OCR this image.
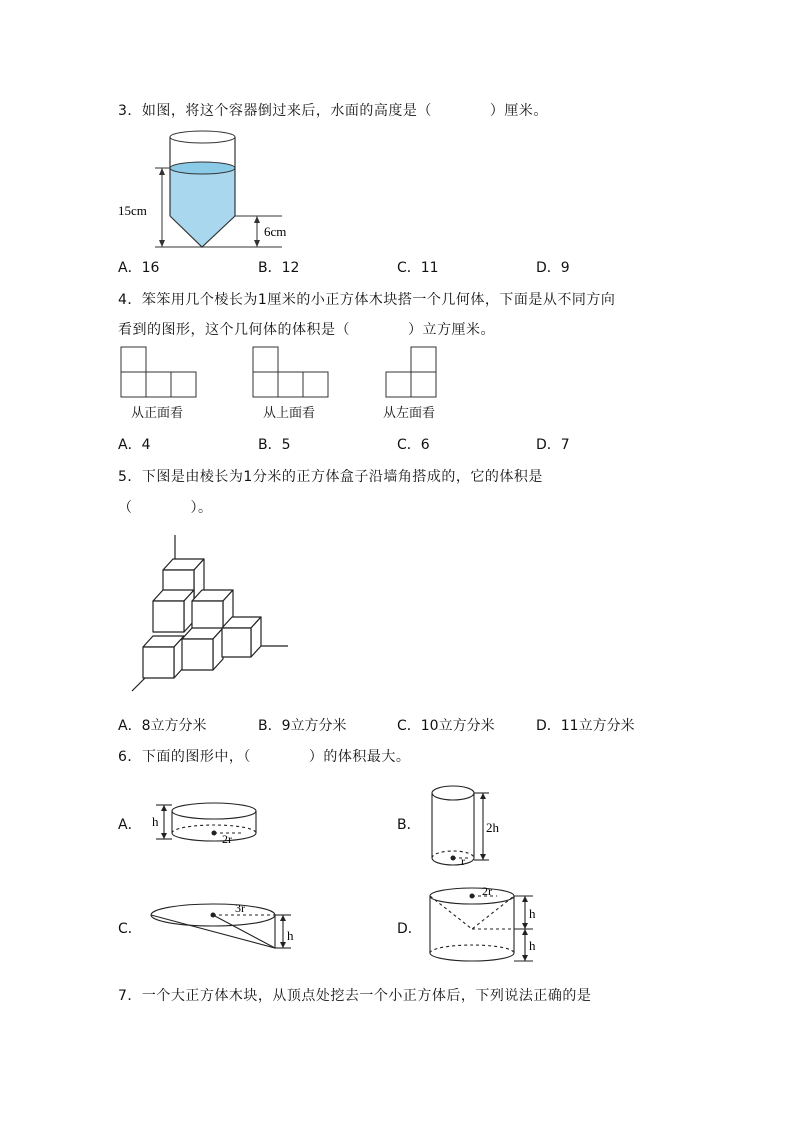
3．如图，将这个容器倒过来后，水面的高度是（　　　　）厘米。
15cm
6cm
A．16	B．12	C．11	D．9
4．笨笨用几个棱长为1厘米的小正方体木块搭一个几何体，下面是从不同方向
看到的图形，这个几何体的体积是（　　　　）立方厘米。
从正面看	从上面看	从左面看
A．4	B．5	C．6	D．7
5．下图是由棱长为1分米的正方体盒子沿墙角搭成的，它的体积是
（　　　　）。
A．8立方分米	B．9立方分米	C．10立方分米	D．11立方分米
6．下面的图形中，（　　　　）的体积最大。
A． h
2r
B．	2h
r
C．
3r
h	D．
2r
h
h
7．一个大正方体木块，从顶点处挖去一个小正方体后，下列说法正确的是
